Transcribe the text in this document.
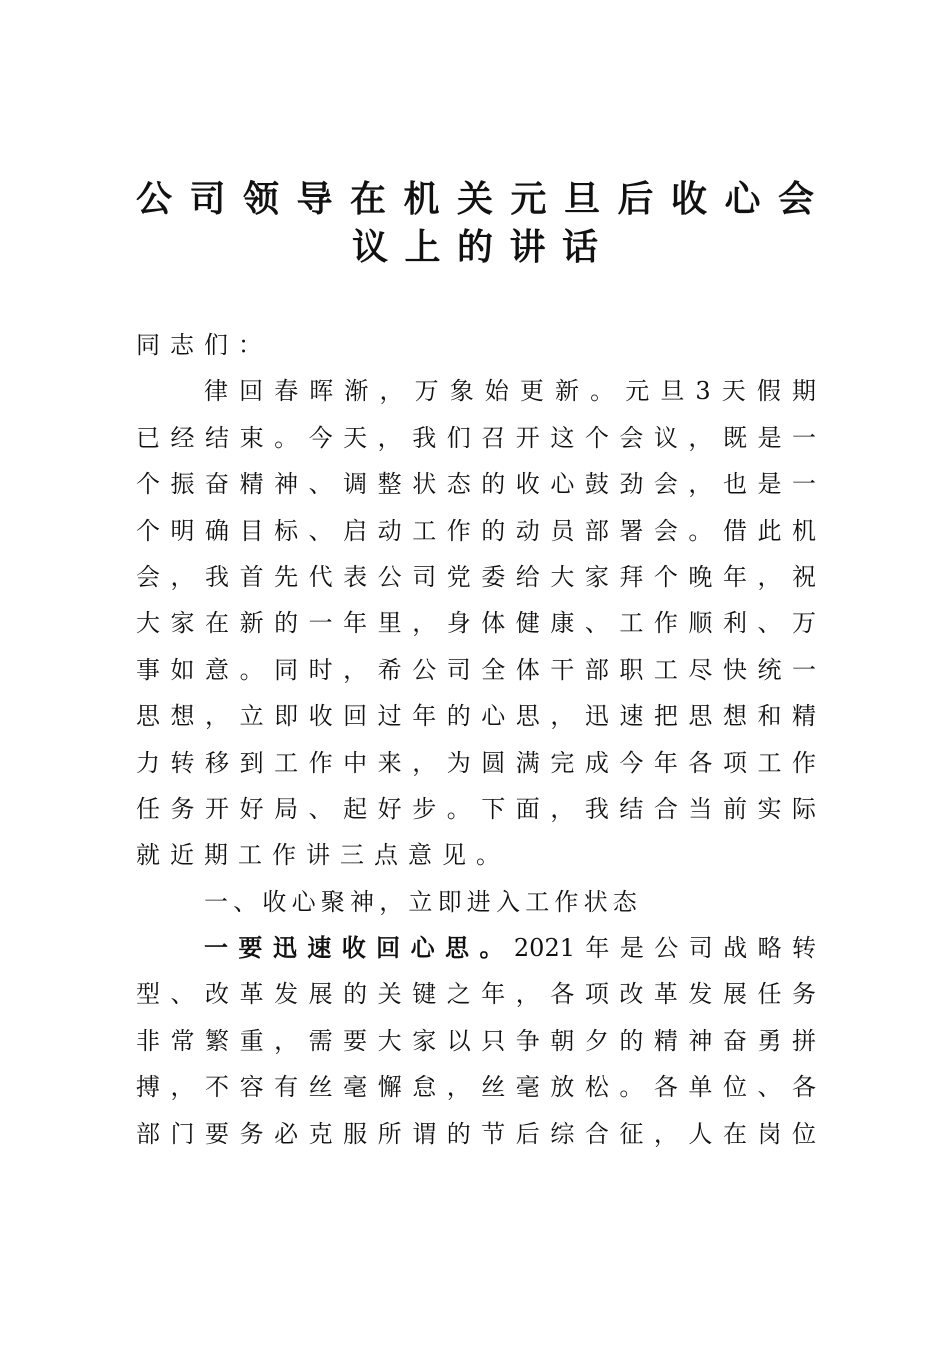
公司领导在机关元旦后收心会
议上的讲话
同志们：
律回春晖渐，万象始更新。元旦3天假期
已经结束。今天，我们召开这个会议，既是一
个振奋精神、调整状态的收心鼓劲会，也是一
个明确目标、启动工作的动员部署会。借此机
会，我首先代表公司党委给大家拜个晚年，祝
大家在新的一年里，身体健康、工作顺利、万
事如意。同时，希公司全体干部职工尽快统一
思想，立即收回过年的心思，迅速把思想和精
力转移到工作中来，为圆满完成今年各项工作
任务开好局、起好步。下面，我结合当前实际
就近期工作讲三点意见。
一、收心聚神，立即进入工作状态
一要迅速收回心思。2021年是公司战略转
型、改革发展的关键之年，各项改革发展任务
非常繁重，需要大家以只争朝夕的精神奋勇拼
搏，不容有丝毫懈怠，丝毫放松。各单位、各
部门要务必克服所谓的节后综合征，人在岗位
